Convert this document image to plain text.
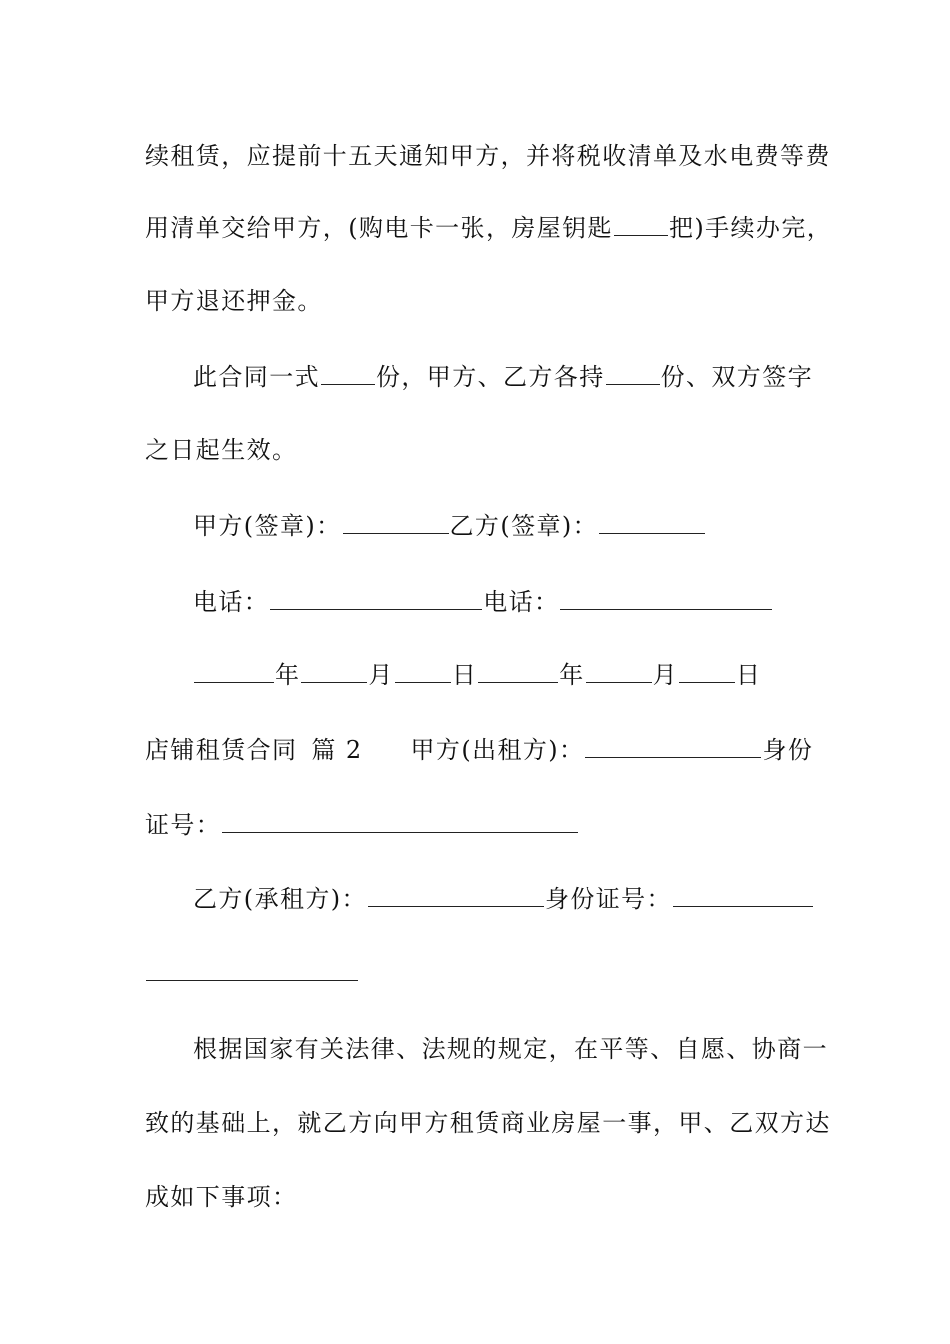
续租赁，应提前十五天通知甲方，并将税收清单及水电费等费
用清单交给甲方，(购电卡一张，房屋钥匙 把)手续办完，
甲方退还押金。
此合同一式 份，甲方、乙方各持 份、双方签字
之日起生效。
甲方(签章)：	乙方(签章)：
电话：	电话：
年	月 日	年	月 日
店铺租赁合同 篇 2 甲方(出租方)：	身份
证号：
乙方(承租方)：	身份证号：
根据国家有关法律、法规的规定，在平等、自愿、协商一
致的基础上，就乙方向甲方租赁商业房屋一事，甲、乙双方达
成如下事项：
